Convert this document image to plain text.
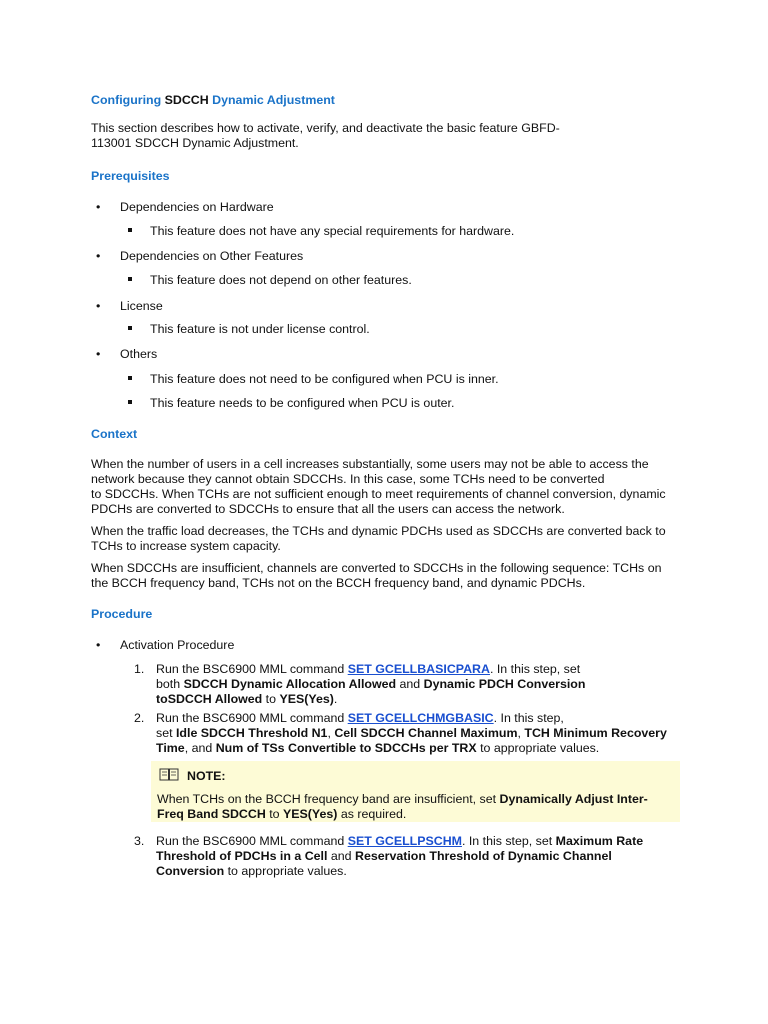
Configuring SDCCH Dynamic Adjustment
This section describes how to activate, verify, and deactivate the basic feature GBFD-
113001 SDCCH Dynamic Adjustment.
Prerequisites
• Dependencies on Hardware
This feature does not have any special requirements for hardware.
• Dependencies on Other Features
This feature does not depend on other features.
• License
This feature is not under license control.
• Others
This feature does not need to be configured when PCU is inner.
This feature needs to be configured when PCU is outer.
Context
When the number of users in a cell increases substantially, some users may not be able to access the
network because they cannot obtain SDCCHs. In this case, some TCHs need to be converted
to SDCCHs. When TCHs are not sufficient enough to meet requirements of channel conversion, dynamic
PDCHs are converted to SDCCHs to ensure that all the users can access the network.
When the traffic load decreases, the TCHs and dynamic PDCHs used as SDCCHs are converted back to
TCHs to increase system capacity.
When SDCCHs are insufficient, channels are converted to SDCCHs in the following sequence: TCHs on
the BCCH frequency band, TCHs not on the BCCH frequency band, and dynamic PDCHs.
Procedure
• Activation Procedure
1. Run the BSC6900 MML command SET GCELLBASICPARA. In this step, set
both SDCCH Dynamic Allocation Allowed and Dynamic PDCH Conversion
toSDCCH Allowed to YES(Yes).
2. Run the BSC6900 MML command SET GCELLCHMGBASIC. In this step,
set Idle SDCCH Threshold N1, Cell SDCCH Channel Maximum, TCH Minimum Recovery
Time, and Num of TSs Convertible to SDCCHs per TRX to appropriate values.
NOTE:
When TCHs on the BCCH frequency band are insufficient, set Dynamically Adjust Inter-
Freq Band SDCCH to YES(Yes) as required.
3. Run the BSC6900 MML command SET GCELLPSCHM. In this step, set Maximum Rate
Threshold of PDCHs in a Cell and Reservation Threshold of Dynamic Channel
Conversion to appropriate values.
